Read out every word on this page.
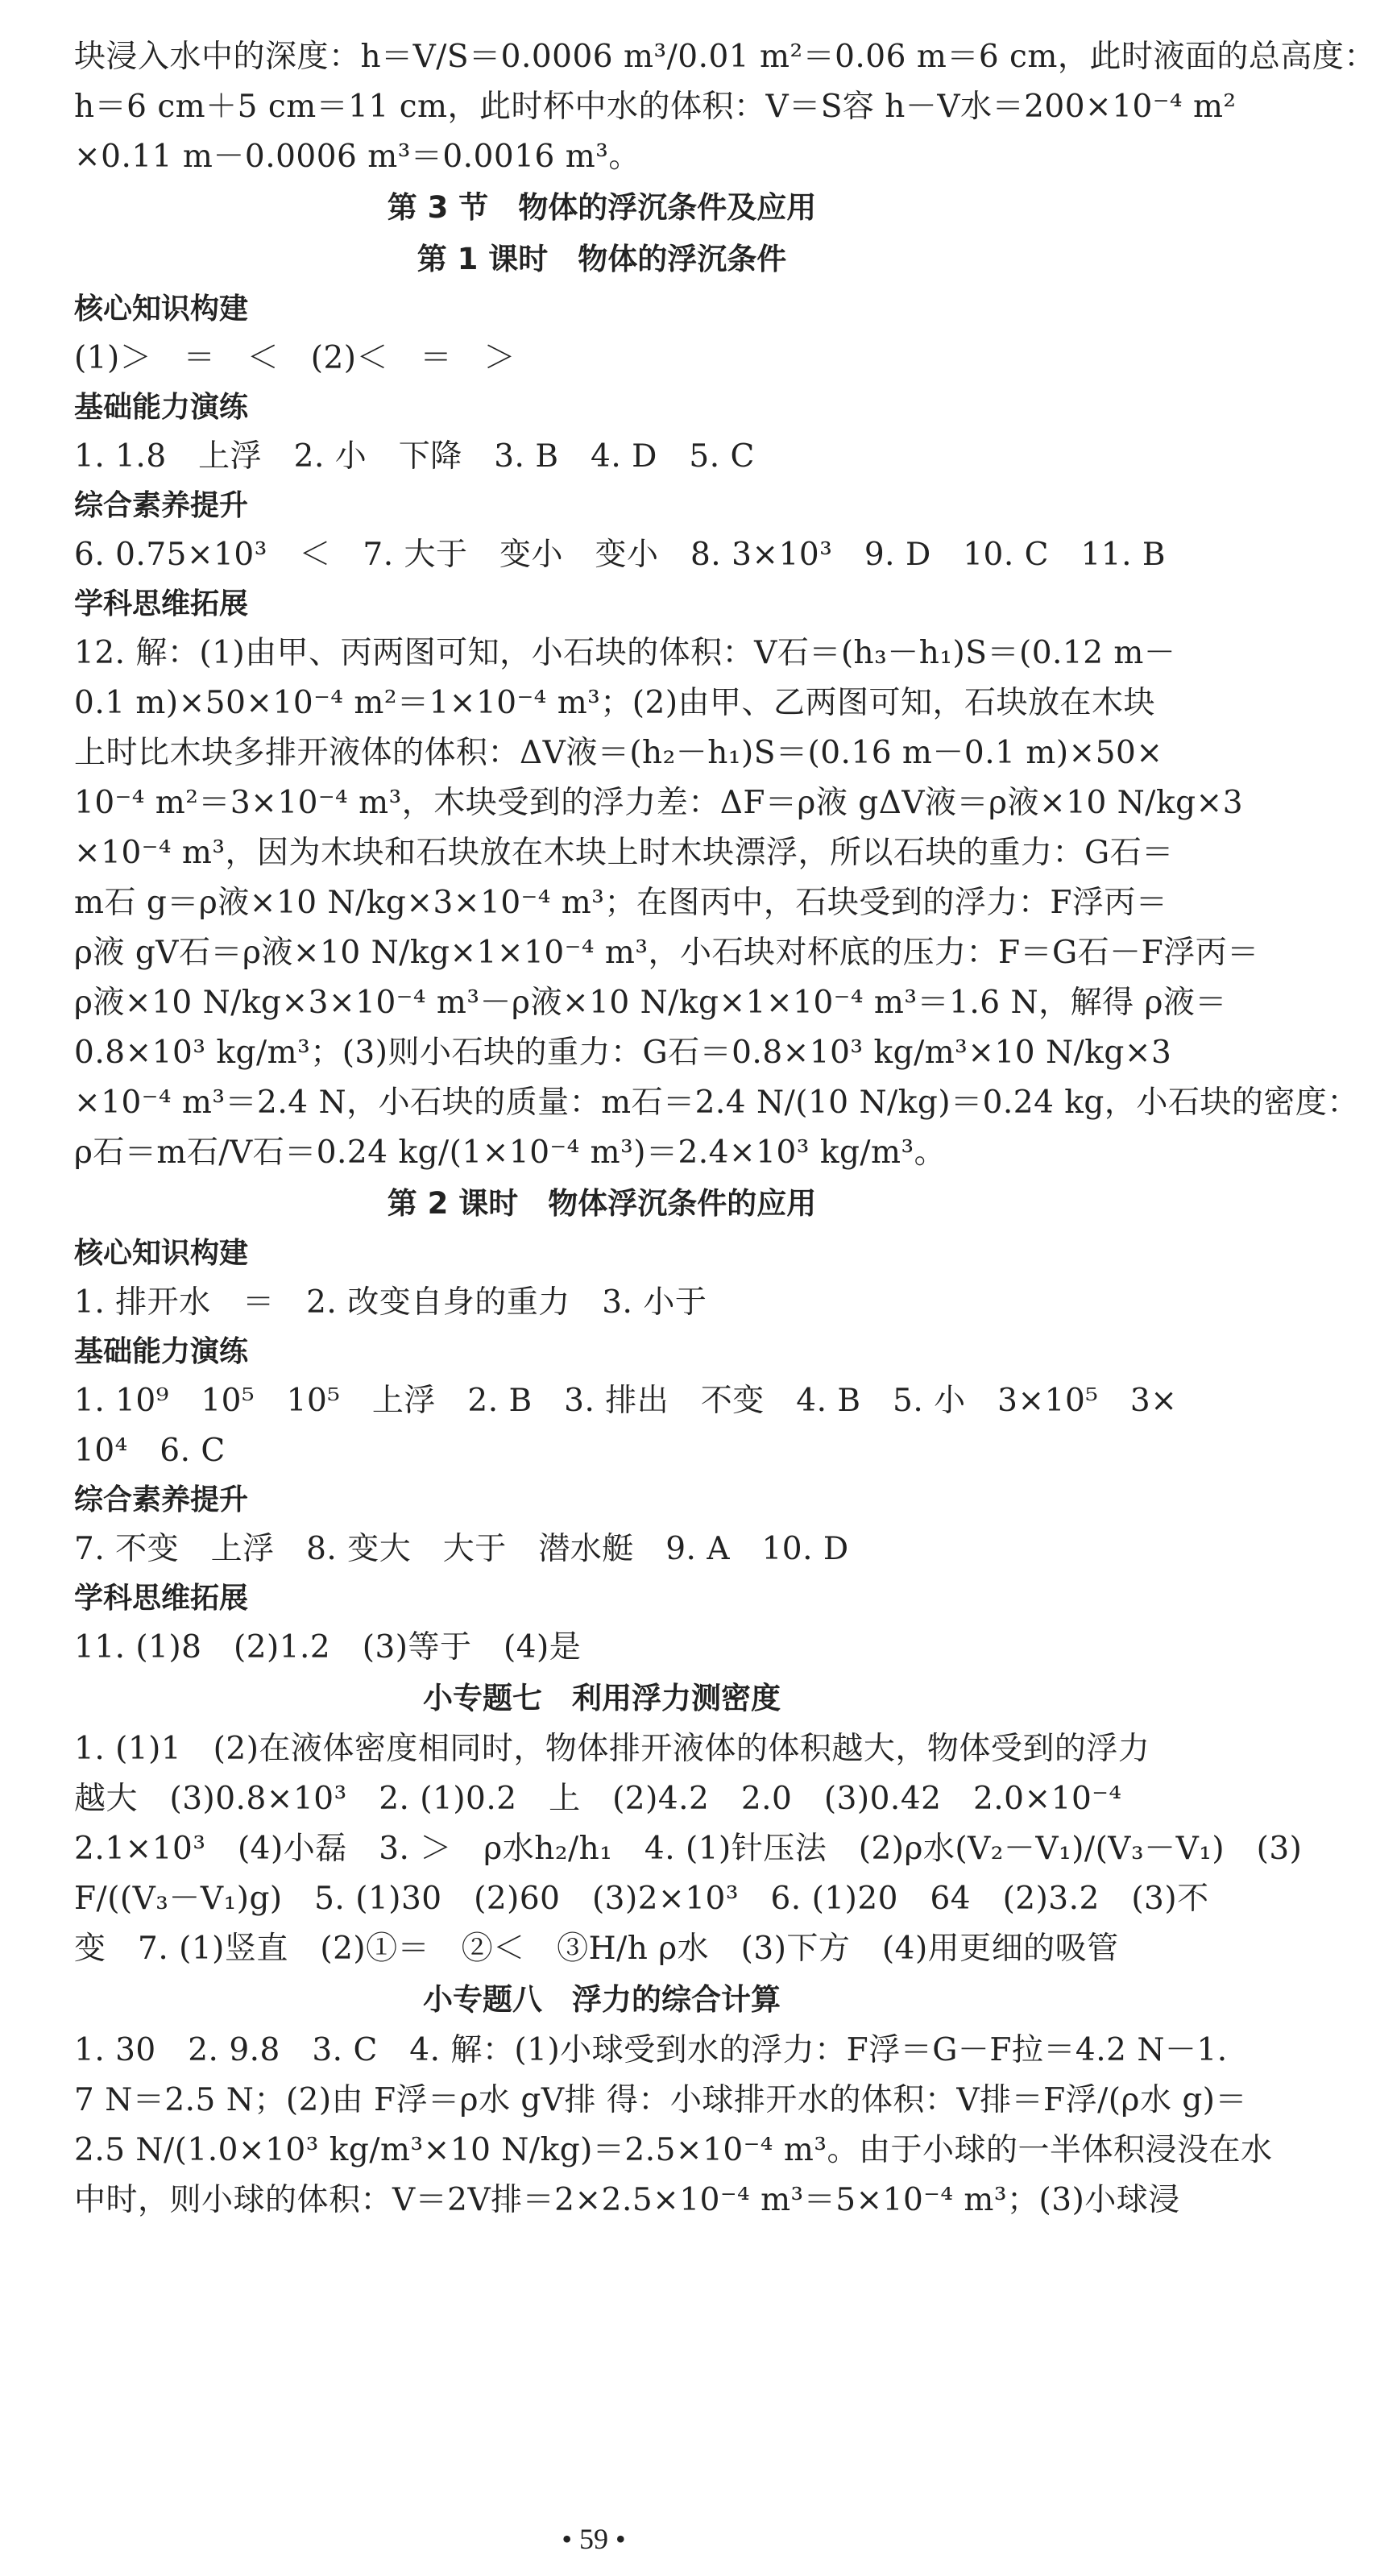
块浸入水中的深度：h＝V/S＝0.0006 m³/0.01 m²＝0.06 m＝6 cm，此时液面的总高度：
h＝6 cm＋5 cm＝11 cm，此时杯中水的体积：V＝S容 h－V水＝200×10⁻⁴ m²
×0.11 m－0.0006 m³＝0.0016 m³。
第 3 节　物体的浮沉条件及应用
第 1 课时　物体的浮沉条件
核心知识构建
(1)＞　＝　＜　(2)＜　＝　＞
基础能力演练
1. 1.8　上浮　2. 小　下降　3. B　4. D　5. C
综合素养提升
6. 0.75×10³　＜　7. 大于　变小　变小　8. 3×10³　9. D　10. C　11. B
学科思维拓展
12. 解：(1)由甲、丙两图可知，小石块的体积：V石＝(h₃－h₁)S＝(0.12 m－
0.1 m)×50×10⁻⁴ m²＝1×10⁻⁴ m³；(2)由甲、乙两图可知，石块放在木块
上时比木块多排开液体的体积：ΔV液＝(h₂－h₁)S＝(0.16 m－0.1 m)×50×
10⁻⁴ m²＝3×10⁻⁴ m³，木块受到的浮力差：ΔF＝ρ液 gΔV液＝ρ液×10 N/kg×3
×10⁻⁴ m³，因为木块和石块放在木块上时木块漂浮，所以石块的重力：G石＝
m石 g＝ρ液×10 N/kg×3×10⁻⁴ m³；在图丙中，石块受到的浮力：F浮丙＝
ρ液 gV石＝ρ液×10 N/kg×1×10⁻⁴ m³，小石块对杯底的压力：F＝G石－F浮丙＝
ρ液×10 N/kg×3×10⁻⁴ m³－ρ液×10 N/kg×1×10⁻⁴ m³＝1.6 N，解得 ρ液＝
0.8×10³ kg/m³；(3)则小石块的重力：G石＝0.8×10³ kg/m³×10 N/kg×3
×10⁻⁴ m³＝2.4 N，小石块的质量：m石＝2.4 N/(10 N/kg)＝0.24 kg，小石块的密度：
ρ石＝m石/V石＝0.24 kg/(1×10⁻⁴ m³)＝2.4×10³ kg/m³。
第 2 课时　物体浮沉条件的应用
核心知识构建
1. 排开水　＝　2. 改变自身的重力　3. 小于
基础能力演练
1. 10⁹　10⁵　10⁵　上浮　2. B　3. 排出　不变　4. B　5. 小　3×10⁵　3×
10⁴　6. C
综合素养提升
7. 不变　上浮　8. 变大　大于　潜水艇　9. A　10. D
学科思维拓展
11. (1)8　(2)1.2　(3)等于　(4)是
小专题七　利用浮力测密度
1. (1)1　(2)在液体密度相同时，物体排开液体的体积越大，物体受到的浮力
越大　(3)0.8×10³　2. (1)0.2　上　(2)4.2　2.0　(3)0.42　2.0×10⁻⁴
2.1×10³　(4)小磊　3. ＞　ρ水h₂/h₁　4. (1)针压法　(2)ρ水(V₂－V₁)/(V₃－V₁)　(3)
F/((V₃－V₁)g)　5. (1)30　(2)60　(3)2×10³　6. (1)20　64　(2)3.2　(3)不
变　7. (1)竖直　(2)①＝　②＜　③H/h ρ水　(3)下方　(4)用更细的吸管
小专题八　浮力的综合计算
1. 30　2. 9.8　3. C　4. 解：(1)小球受到水的浮力：F浮＝G－F拉＝4.2 N－1.
7 N＝2.5 N；(2)由 F浮＝ρ水 gV排 得：小球排开水的体积：V排＝F浮/(ρ水 g)＝
2.5 N/(1.0×10³ kg/m³×10 N/kg)＝2.5×10⁻⁴ m³。由于小球的一半体积浸没在水
中时，则小球的体积：V＝2V排＝2×2.5×10⁻⁴ m³＝5×10⁻⁴ m³；(3)小球浸
• 59 •
